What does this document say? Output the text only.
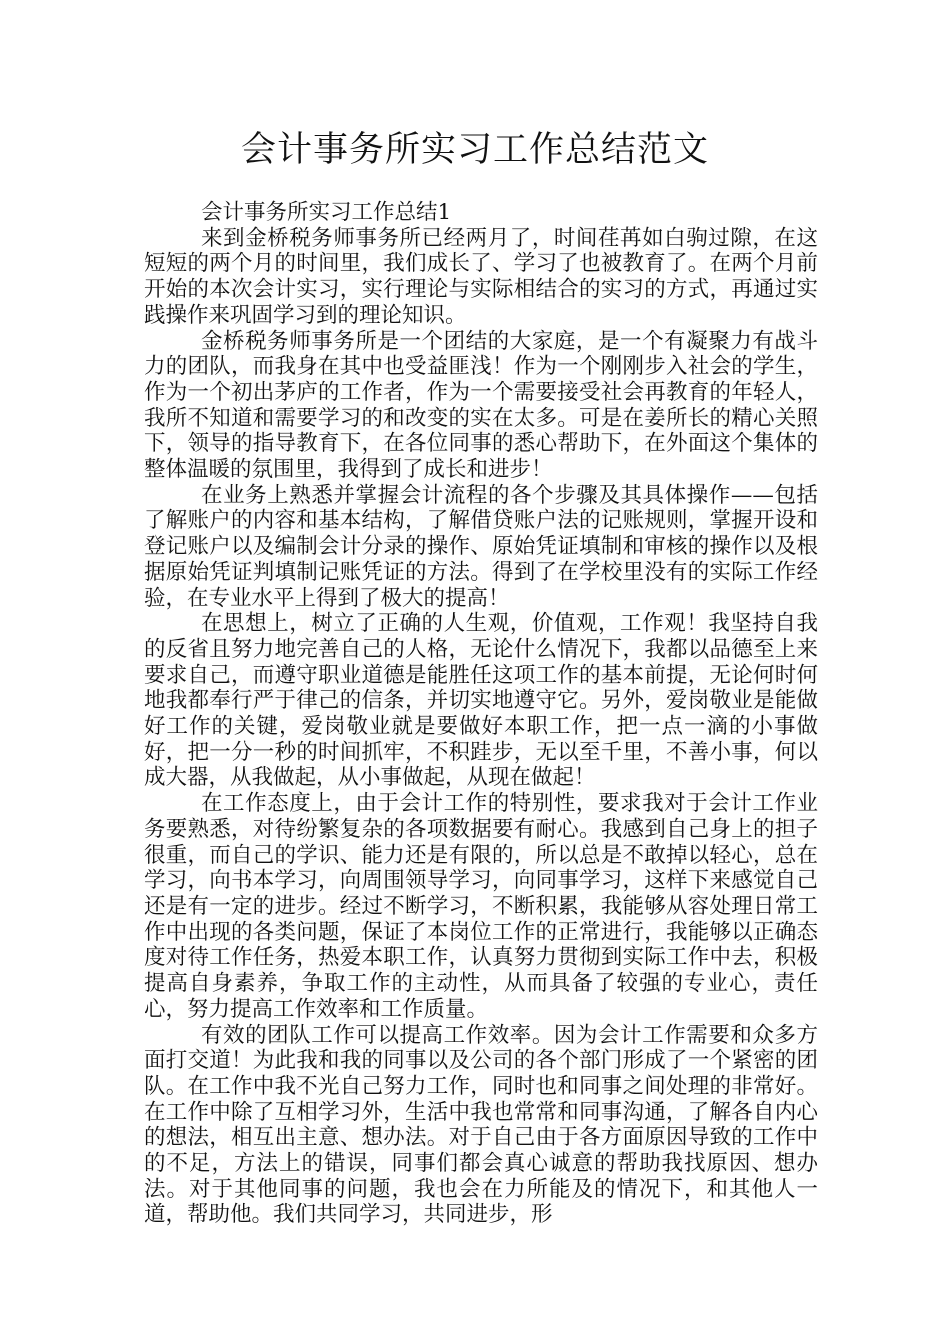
会计事务所实习工作总结范文
会计事务所实习工作总结1

来到金桥税务师事务所已经两月了，时间荏苒如白驹过隙，在这短短的两个月的时间里，我们成长了、学习了也被教育了。在两个月前开始的本次会计实习，实行理论与实际相结合的实习的方式，再通过实践操作来巩固学习到的理论知识。

金桥税务师事务所是一个团结的大家庭，是一个有凝聚力有战斗力的团队，而我身在其中也受益匪浅！作为一个刚刚步入社会的学生，作为一个初出茅庐的工作者，作为一个需要接受社会再教育的年轻人，我所不知道和需要学习的和改变的实在太多。可是在姜所长的精心关照下，领导的指导教育下，在各位同事的悉心帮助下，在外面这个集体的整体温暖的氛围里，我得到了成长和进步！

在业务上熟悉并掌握会计流程的各个步骤及其具体操作——包括了解账户的内容和基本结构，了解借贷账户法的记账规则，掌握开设和登记账户以及编制会计分录的操作、原始凭证填制和审核的操作以及根据原始凭证判填制记账凭证的方法。得到了在学校里没有的实际工作经验，在专业水平上得到了极大的提高！

在思想上，树立了正确的人生观，价值观，工作观！我坚持自我的反省且努力地完善自己的人格，无论什么情况下，我都以品德至上来要求自己，而遵守职业道德是能胜任这项工作的基本前提，无论何时何地我都奉行严于律己的信条，并切实地遵守它。另外，爱岗敬业是能做好工作的关键，爱岗敬业就是要做好本职工作，把一点一滴的小事做好，把一分一秒的时间抓牢，不积跬步，无以至千里，不善小事，何以成大器，从我做起，从小事做起，从现在做起！

在工作态度上，由于会计工作的特别性，要求我对于会计工作业务要熟悉，对待纷繁复杂的各项数据要有耐心。我感到自己身上的担子很重，而自己的学识、能力还是有限的，所以总是不敢掉以轻心，总在学习，向书本学习，向周围领导学习，向同事学习，这样下来感觉自己还是有一定的进步。经过不断学习，不断积累，我能够从容处理日常工作中出现的各类问题，保证了本岗位工作的正常进行，我能够以正确态度对待工作任务，热爱本职工作，认真努力贯彻到实际工作中去，积极提高自身素养，争取工作的主动性，从而具备了较强的专业心，责任心，努力提高工作效率和工作质量。

有效的团队工作可以提高工作效率。因为会计工作需要和众多方面打交道！为此我和我的同事以及公司的各个部门形成了一个紧密的团队。在工作中我不光自己努力工作，同时也和同事之间处理的非常好。在工作中除了互相学习外，生活中我也常常和同事沟通，了解各自内心的想法，相互出主意、想办法。对于自己由于各方面原因导致的工作中的不足，方法上的错误，同事们都会真心诚意的帮助我找原因、想办法。对于其他同事的问题，我也会在力所能及的情况下，和其他人一道，帮助他。我们共同学习，共同进步，形
